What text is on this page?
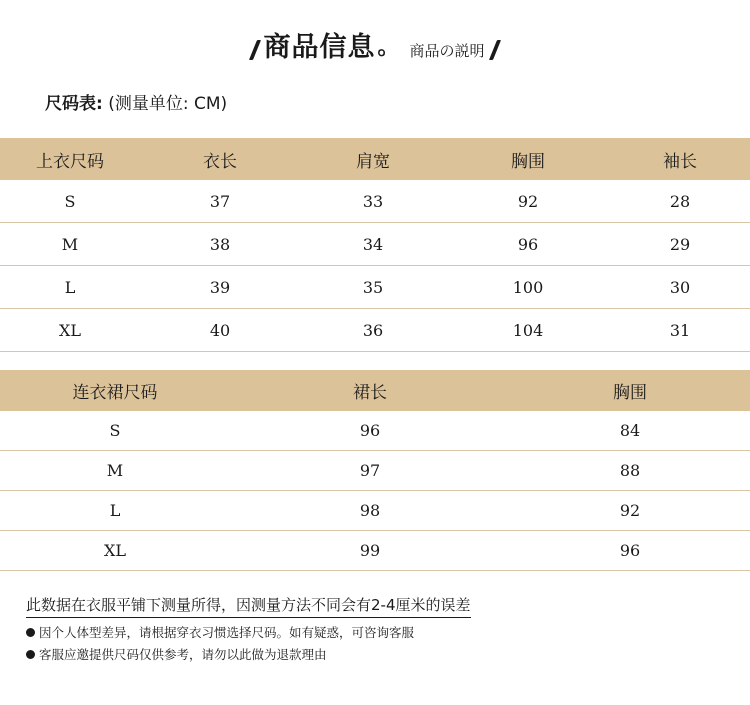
商品信息 。 商品の説明
尺码表: (测量单位: CM)
上衣尺码	衣长	肩宽	胸围	袖长
S	37	33	92	28
M	38	34	96	29
L	39	35	100	30
XL	40	36	104	31
连衣裙尺码	裙长	胸围
S	96	84
M	97	88
L	98	92
XL	99	96
此数据在衣服平铺下测量所得，因测量方法不同会有2-4厘米的误差
因个人体型差异，请根据穿衣习惯选择尺码。如有疑惑，可咨询客服
客服应邀提供尺码仅供参考，请勿以此做为退款理由
